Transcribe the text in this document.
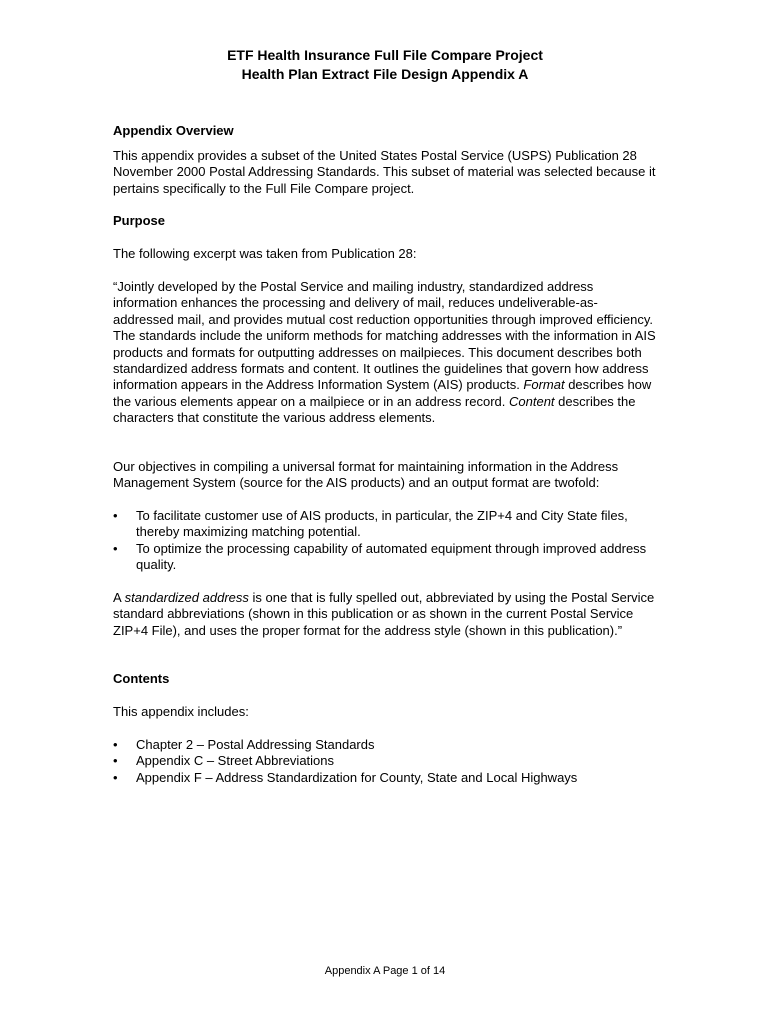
ETF Health Insurance Full File Compare Project
Health Plan Extract File Design Appendix A
Appendix Overview

This appendix provides a subset of the United States Postal Service (USPS) Publication 28 November 2000 Postal Addressing Standards. This subset of material was selected because it pertains specifically to the Full File Compare project.

Purpose

The following excerpt was taken from Publication 28:

“Jointly developed by the Postal Service and mailing industry, standardized address information enhances the processing and delivery of mail, reduces undeliverable-as-addressed mail, and provides mutual cost reduction opportunities through improved efficiency. The standards include the uniform methods for matching addresses with the information in AIS products and formats for outputting addresses on mailpieces. This document describes both standardized address formats and content. It outlines the guidelines that govern how address information appears in the Address Information System (AIS) products. Format describes how the various elements appear on a mailpiece or in an address record. Content describes the characters that constitute the various address elements.

Our objectives in compiling a universal format for maintaining information in the Address Management System (source for the AIS products) and an output format are twofold:

• To facilitate customer use of AIS products, in particular, the ZIP+4 and City State files, thereby maximizing matching potential.
• To optimize the processing capability of automated equipment through improved address quality.

A standardized address is one that is fully spelled out, abbreviated by using the Postal Service standard abbreviations (shown in this publication or as shown in the current Postal Service ZIP+4 File), and uses the proper format for the address style (shown in this publication).”

Contents

This appendix includes:

• Chapter 2 – Postal Addressing Standards
• Appendix C – Street Abbreviations
• Appendix F – Address Standardization for County, State and Local Highways
Appendix A Page 1 of 14
